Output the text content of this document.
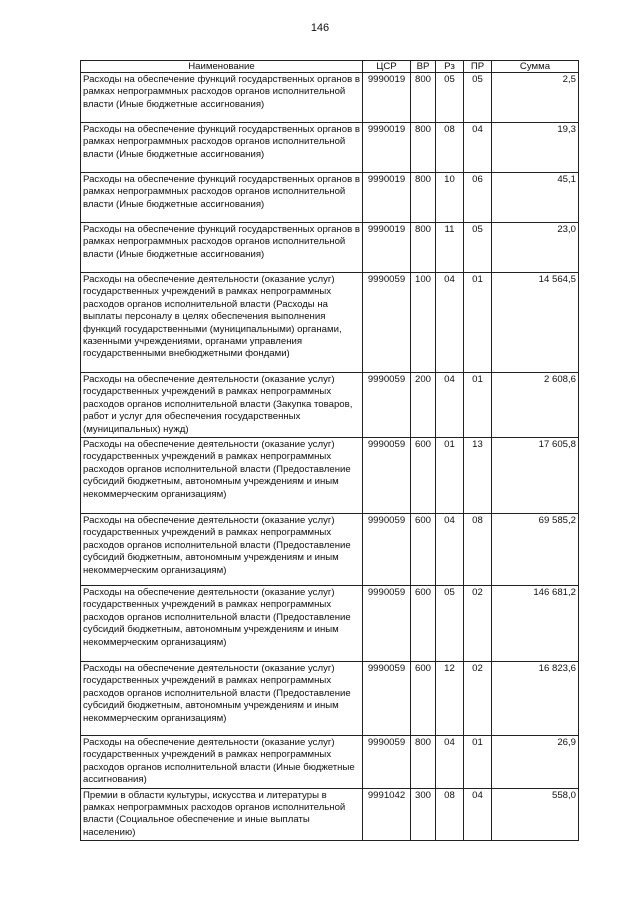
146
Наименование	ЦСР	ВР	Рз	ПР	Сумма
Расходы на обеспечение функций государственных органов в рамках непрограммных расходов органов исполнительной власти (Иные бюджетные ассигнования)	9990019	800	05	05	2,5
Расходы на обеспечение функций государственных органов в рамках непрограммных расходов органов исполнительной власти (Иные бюджетные ассигнования)	9990019	800	08	04	19,3
Расходы на обеспечение функций государственных органов в рамках непрограммных расходов органов исполнительной власти (Иные бюджетные ассигнования)	9990019	800	10	06	45,1
Расходы на обеспечение функций государственных органов в рамках непрограммных расходов органов исполнительной власти (Иные бюджетные ассигнования)	9990019	800	11	05	23,0
Расходы на обеспечение деятельности (оказание услуг) государственных учреждений в рамках непрограммных расходов органов исполнительной власти (Расходы на выплаты персоналу в целях обеспечения выполнения функций государственными (муниципальными) органами, казенными учреждениями, органами управления государственными внебюджетными фондами)	9990059	100	04	01	14 564,5
Расходы на обеспечение деятельности (оказание услуг) государственных учреждений в рамках непрограммных расходов органов исполнительной власти (Закупка товаров, работ и услуг для обеспечения государственных (муниципальных) нужд)	9990059	200	04	01	2 608,6
Расходы на обеспечение деятельности (оказание услуг) государственных учреждений в рамках непрограммных расходов органов исполнительной власти (Предоставление субсидий бюджетным, автономным учреждениям и иным некоммерческим организациям)	9990059	600	01	13	17 605,8
Расходы на обеспечение деятельности (оказание услуг) государственных учреждений в рамках непрограммных расходов органов исполнительной власти (Предоставление субсидий бюджетным, автономным учреждениям и иным некоммерческим организациям)	9990059	600	04	08	69 585,2
Расходы на обеспечение деятельности (оказание услуг) государственных учреждений в рамках непрограммных расходов органов исполнительной власти (Предоставление субсидий бюджетным, автономным учреждениям и иным некоммерческим организациям)	9990059	600	05	02	146 681,2
Расходы на обеспечение деятельности (оказание услуг) государственных учреждений в рамках непрограммных расходов органов исполнительной власти (Предоставление субсидий бюджетным, автономным учреждениям и иным некоммерческим организациям)	9990059	600	12	02	16 823,6
Расходы на обеспечение деятельности (оказание услуг) государственных учреждений в рамках непрограммных расходов органов исполнительной власти (Иные бюджетные ассигнования)	9990059	800	04	01	26,9
Премии в области культуры, искусства и литературы в рамках непрограммных расходов органов исполнительной власти (Социальное обеспечение и иные выплаты населению)	9991042	300	08	04	558,0
